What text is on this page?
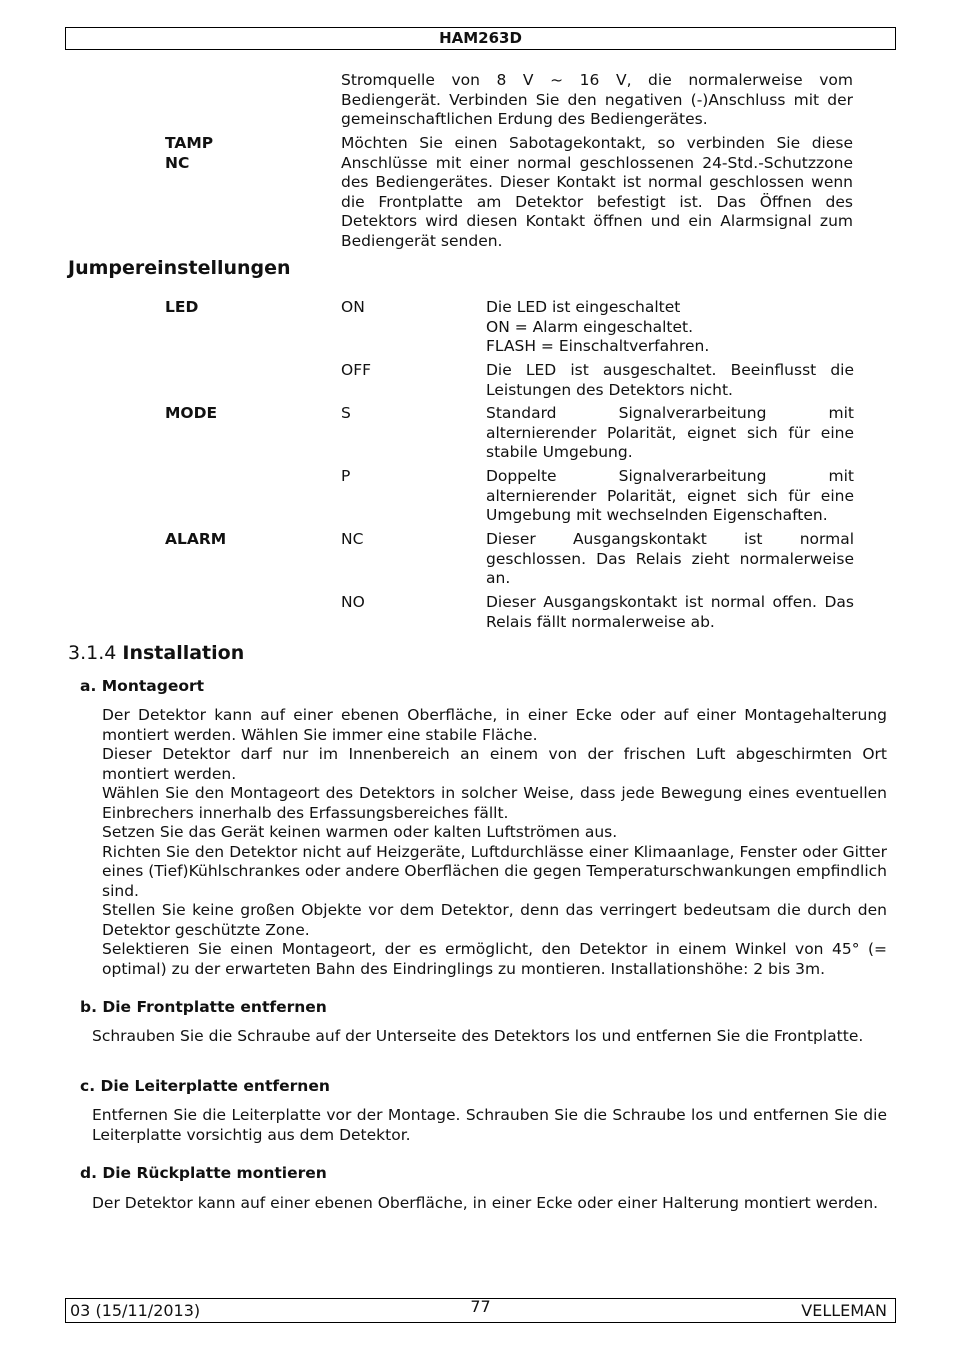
HAM263D
Stromquelle von 8 V ~ 16 V, die normalerweise vom Bediengerät. Verbinden Sie den negativen (-)Anschluss mit der gemeinschaftlichen Erdung des Bediengerätes.
TAMP
NC
Möchten Sie einen Sabotagekontakt, so verbinden Sie diese Anschlüsse mit einer normal geschlossenen 24-Std.-Schutzzone des Bediengerätes. Dieser Kontakt ist normal geschlossen wenn die Frontplatte am Detektor befestigt ist. Das Öffnen des Detektors wird diesen Kontakt öffnen und ein Alarmsignal zum Bediengerät senden.
Jumpereinstellungen
LED	ON	Die LED ist eingeschaltet
ON = Alarm eingeschaltet.
FLASH = Einschaltverfahren.
OFF	Die LED ist ausgeschaltet. Beeinflusst die Leistungen des Detektors nicht.
MODE	S	Standard Signalverarbeitung mit alternierender Polarität, eignet sich für eine stabile Umgebung.
P	Doppelte Signalverarbeitung mit alternierender Polarität, eignet sich für eine Umgebung mit wechselnden Eigenschaften.
ALARM	NC	Dieser Ausgangskontakt ist normal geschlossen. Das Relais zieht normalerweise an.
NO	Dieser Ausgangskontakt ist normal offen. Das Relais fällt normalerweise ab.
3.1.4 Installation
a. Montageort

Der Detektor kann auf einer ebenen Oberfläche, in einer Ecke oder auf einer Montagehalterung montiert werden. Wählen Sie immer eine stabile Fläche.

Dieser Detektor darf nur im Innenbereich an einem von der frischen Luft abgeschirmten Ort montiert werden.

Wählen Sie den Montageort des Detektors in solcher Weise, dass jede Bewegung eines eventuellen Einbrechers innerhalb des Erfassungsbereiches fällt.

Setzen Sie das Gerät keinen warmen oder kalten Luftströmen aus.

Richten Sie den Detektor nicht auf Heizgeräte, Luftdurchlässe einer Klimaanlage, Fenster oder Gitter eines (Tief)Kühlschrankes oder andere Oberflächen die gegen Temperaturschwankungen empfindlich sind.

Stellen Sie keine großen Objekte vor dem Detektor, denn das verringert bedeutsam die durch den Detektor geschützte Zone.

Selektieren Sie einen Montageort, der es ermöglicht, den Detektor in einem Winkel von 45° (= optimal) zu der erwarteten Bahn des Eindringlings zu montieren. Installationshöhe: 2 bis 3m.

b. Die Frontplatte entfernen
Schrauben Sie die Schraube auf der Unterseite des Detektors los und entfernen Sie die Frontplatte.
c. Die Leiterplatte entfernen
Entfernen Sie die Leiterplatte vor der Montage. Schrauben Sie die Schraube los und entfernen Sie die Leiterplatte vorsichtig aus dem Detektor.
d. Die Rückplatte montieren
Der Detektor kann auf einer ebenen Oberfläche, in einer Ecke oder einer Halterung montiert werden.
03 (15/11/2013)	77	VELLEMAN
